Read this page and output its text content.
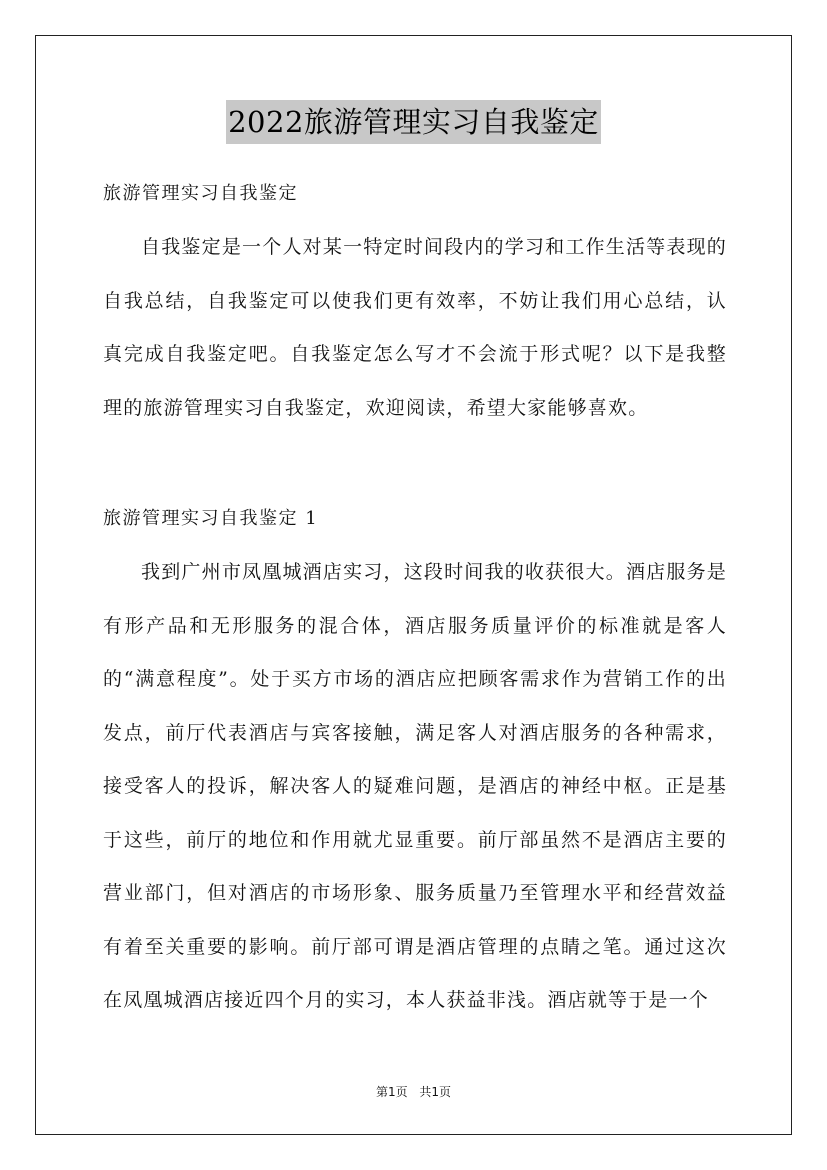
2022旅游管理实习自我鉴定
旅游管理实习自我鉴定

自我鉴定是一个人对某一特定时间段内的学习和工作生活等表现的自我总结，自我鉴定可以使我们更有效率，不妨让我们用心总结，认真完成自我鉴定吧。自我鉴定怎么写才不会流于形式呢？以下是我整理的旅游管理实习自我鉴定，欢迎阅读，希望大家能够喜欢。

旅游管理实习自我鉴定 1

我到广州市凤凰城酒店实习，这段时间我的收获很大。酒店服务是有形产品和无形服务的混合体，酒店服务质量评价的标准就是客人的“满意程度”。处于买方市场的酒店应把顾客需求作为营销工作的出发点，前厅代表酒店与宾客接触，满足客人对酒店服务的各种需求，接受客人的投诉，解决客人的疑难问题，是酒店的神经中枢。正是基于这些，前厅的地位和作用就尤显重要。前厅部虽然不是酒店主要的营业部门，但对酒店的市场形象、服务质量乃至管理水平和经营效益有着至关重要的影响。前厅部可谓是酒店管理的点睛之笔。通过这次在凤凰城酒店接近四个月的实习，本人获益非浅。酒店就等于是一个

第1页 共1页
